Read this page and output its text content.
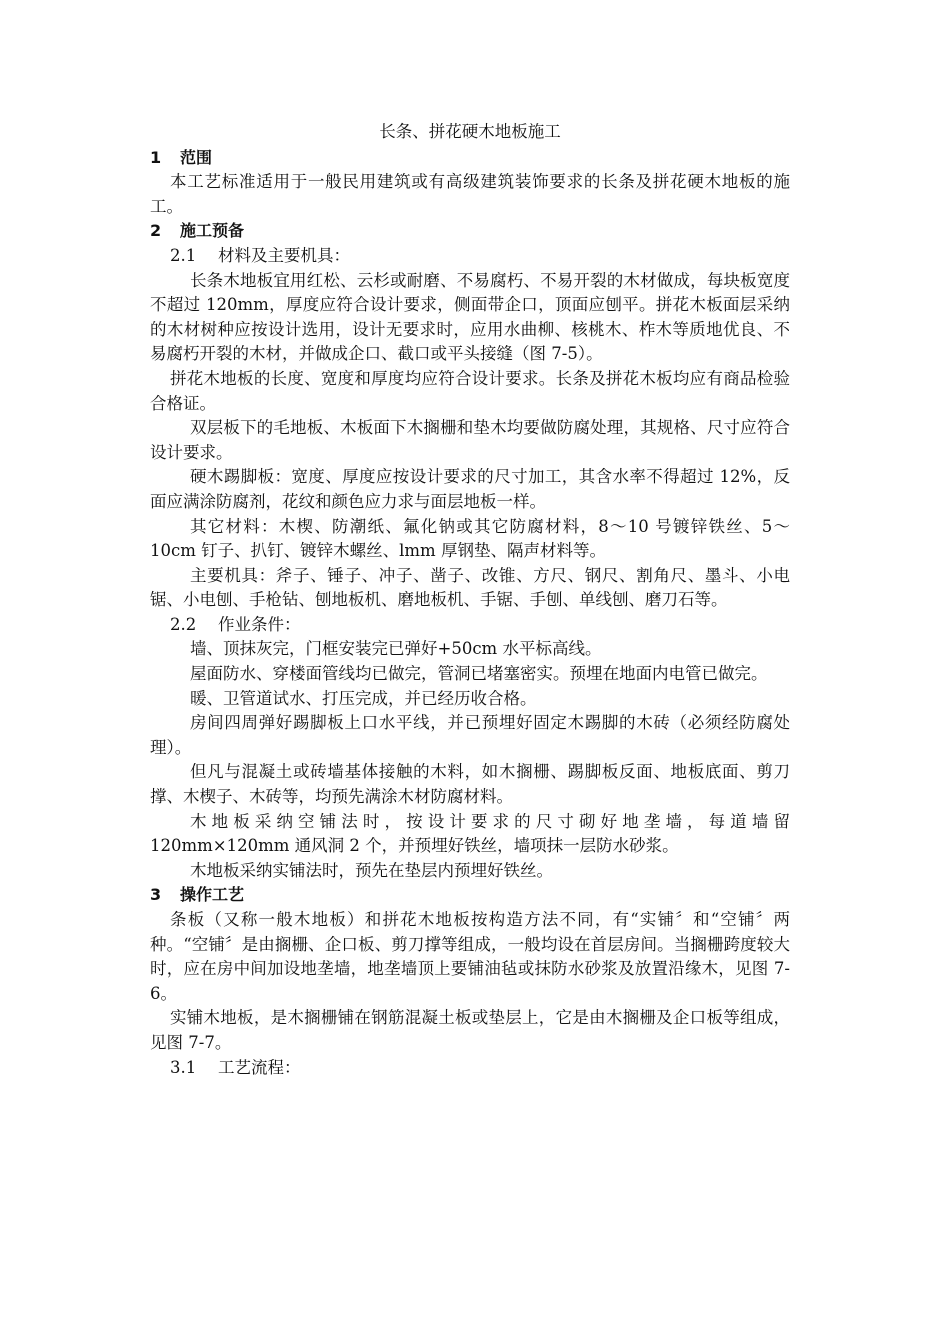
长条、拼花硬木地板施工
1 范围

本工艺标准适用于一般民用建筑或有高级建筑装饰要求的长条及拼花硬木地板的施工。

2 施工预备
2.1 材料及主要机具：

长条木地板宜用红松、云杉或耐磨、不易腐朽、不易开裂的木材做成，每块板宽度不超过 120mm，厚度应符合设计要求，侧面带企口，顶面应刨平。拼花木板面层采纳的木材树种应按设计选用，设计无要求时，应用水曲柳、核桃木、柞木等质地优良、不易腐朽开裂的木材，并做成企口、截口或平头接缝（图 7-5）。

拼花木地板的长度、宽度和厚度均应符合设计要求。长条及拼花木板均应有商品检验合格证。

双层板下的毛地板、木板面下木搁栅和垫木均要做防腐处理，其规格、尺寸应符合设计要求。

硬木踢脚板：宽度、厚度应按设计要求的尺寸加工，其含水率不得超过 12%，反面应满涂防腐剂，花纹和颜色应力求与面层地板一样。

其它材料：木楔、防潮纸、氟化钠或其它防腐材料，8～10 号镀锌铁丝、5～10cm 钉子、扒钉、镀锌木螺丝、lmm 厚钢垫、隔声材料等。

主要机具：斧子、锤子、冲子、凿子、改锥、方尺、钢尺、割角尺、墨斗、小电锯、小电刨、手枪钻、刨地板机、磨地板机、手锯、手刨、单线刨、磨刀石等。

2.2 作业条件：

墙、顶抹灰完，门框安装完已弹好+50cm 水平标高线。

屋面防水、穿楼面管线均已做完，管洞已堵塞密实。预埋在地面内电管已做完。

暖、卫管道试水、打压完成，并已经历收合格。

房间四周弹好踢脚板上口水平线，并已预埋好固定木踢脚的木砖（必须经防腐处理）。

但凡与混凝土或砖墙基体接触的木料，如木搁栅、踢脚板反面、地板底面、剪刀撑、木楔子、木砖等，均预先满涂木材防腐材料。

木地板采纳空铺法时，按设计要求的尺寸砌好地垄墙，每道墙留 120mm×120mm 通风洞 2 个，并预埋好铁丝，墙项抹一层防水砂浆。

木地板采纳实铺法时，预先在垫层内预埋好铁丝。

3 操作工艺

条板（又称一般木地板）和拼花木地板按构造方法不同，有“实铺〞和“空铺〞两种。“空铺〞是由搁栅、企口板、剪刀撑等组成，一般均设在首层房间。当搁栅跨度较大时，应在房中间加设地垄墙，地垄墙顶上要铺油毡或抹防水砂浆及放置沿缘木，见图 7-6。

实铺木地板，是木搁栅铺在钢筋混凝土板或垫层上，它是由木搁栅及企口板等组成，见图 7-7。

3.1 工艺流程：
